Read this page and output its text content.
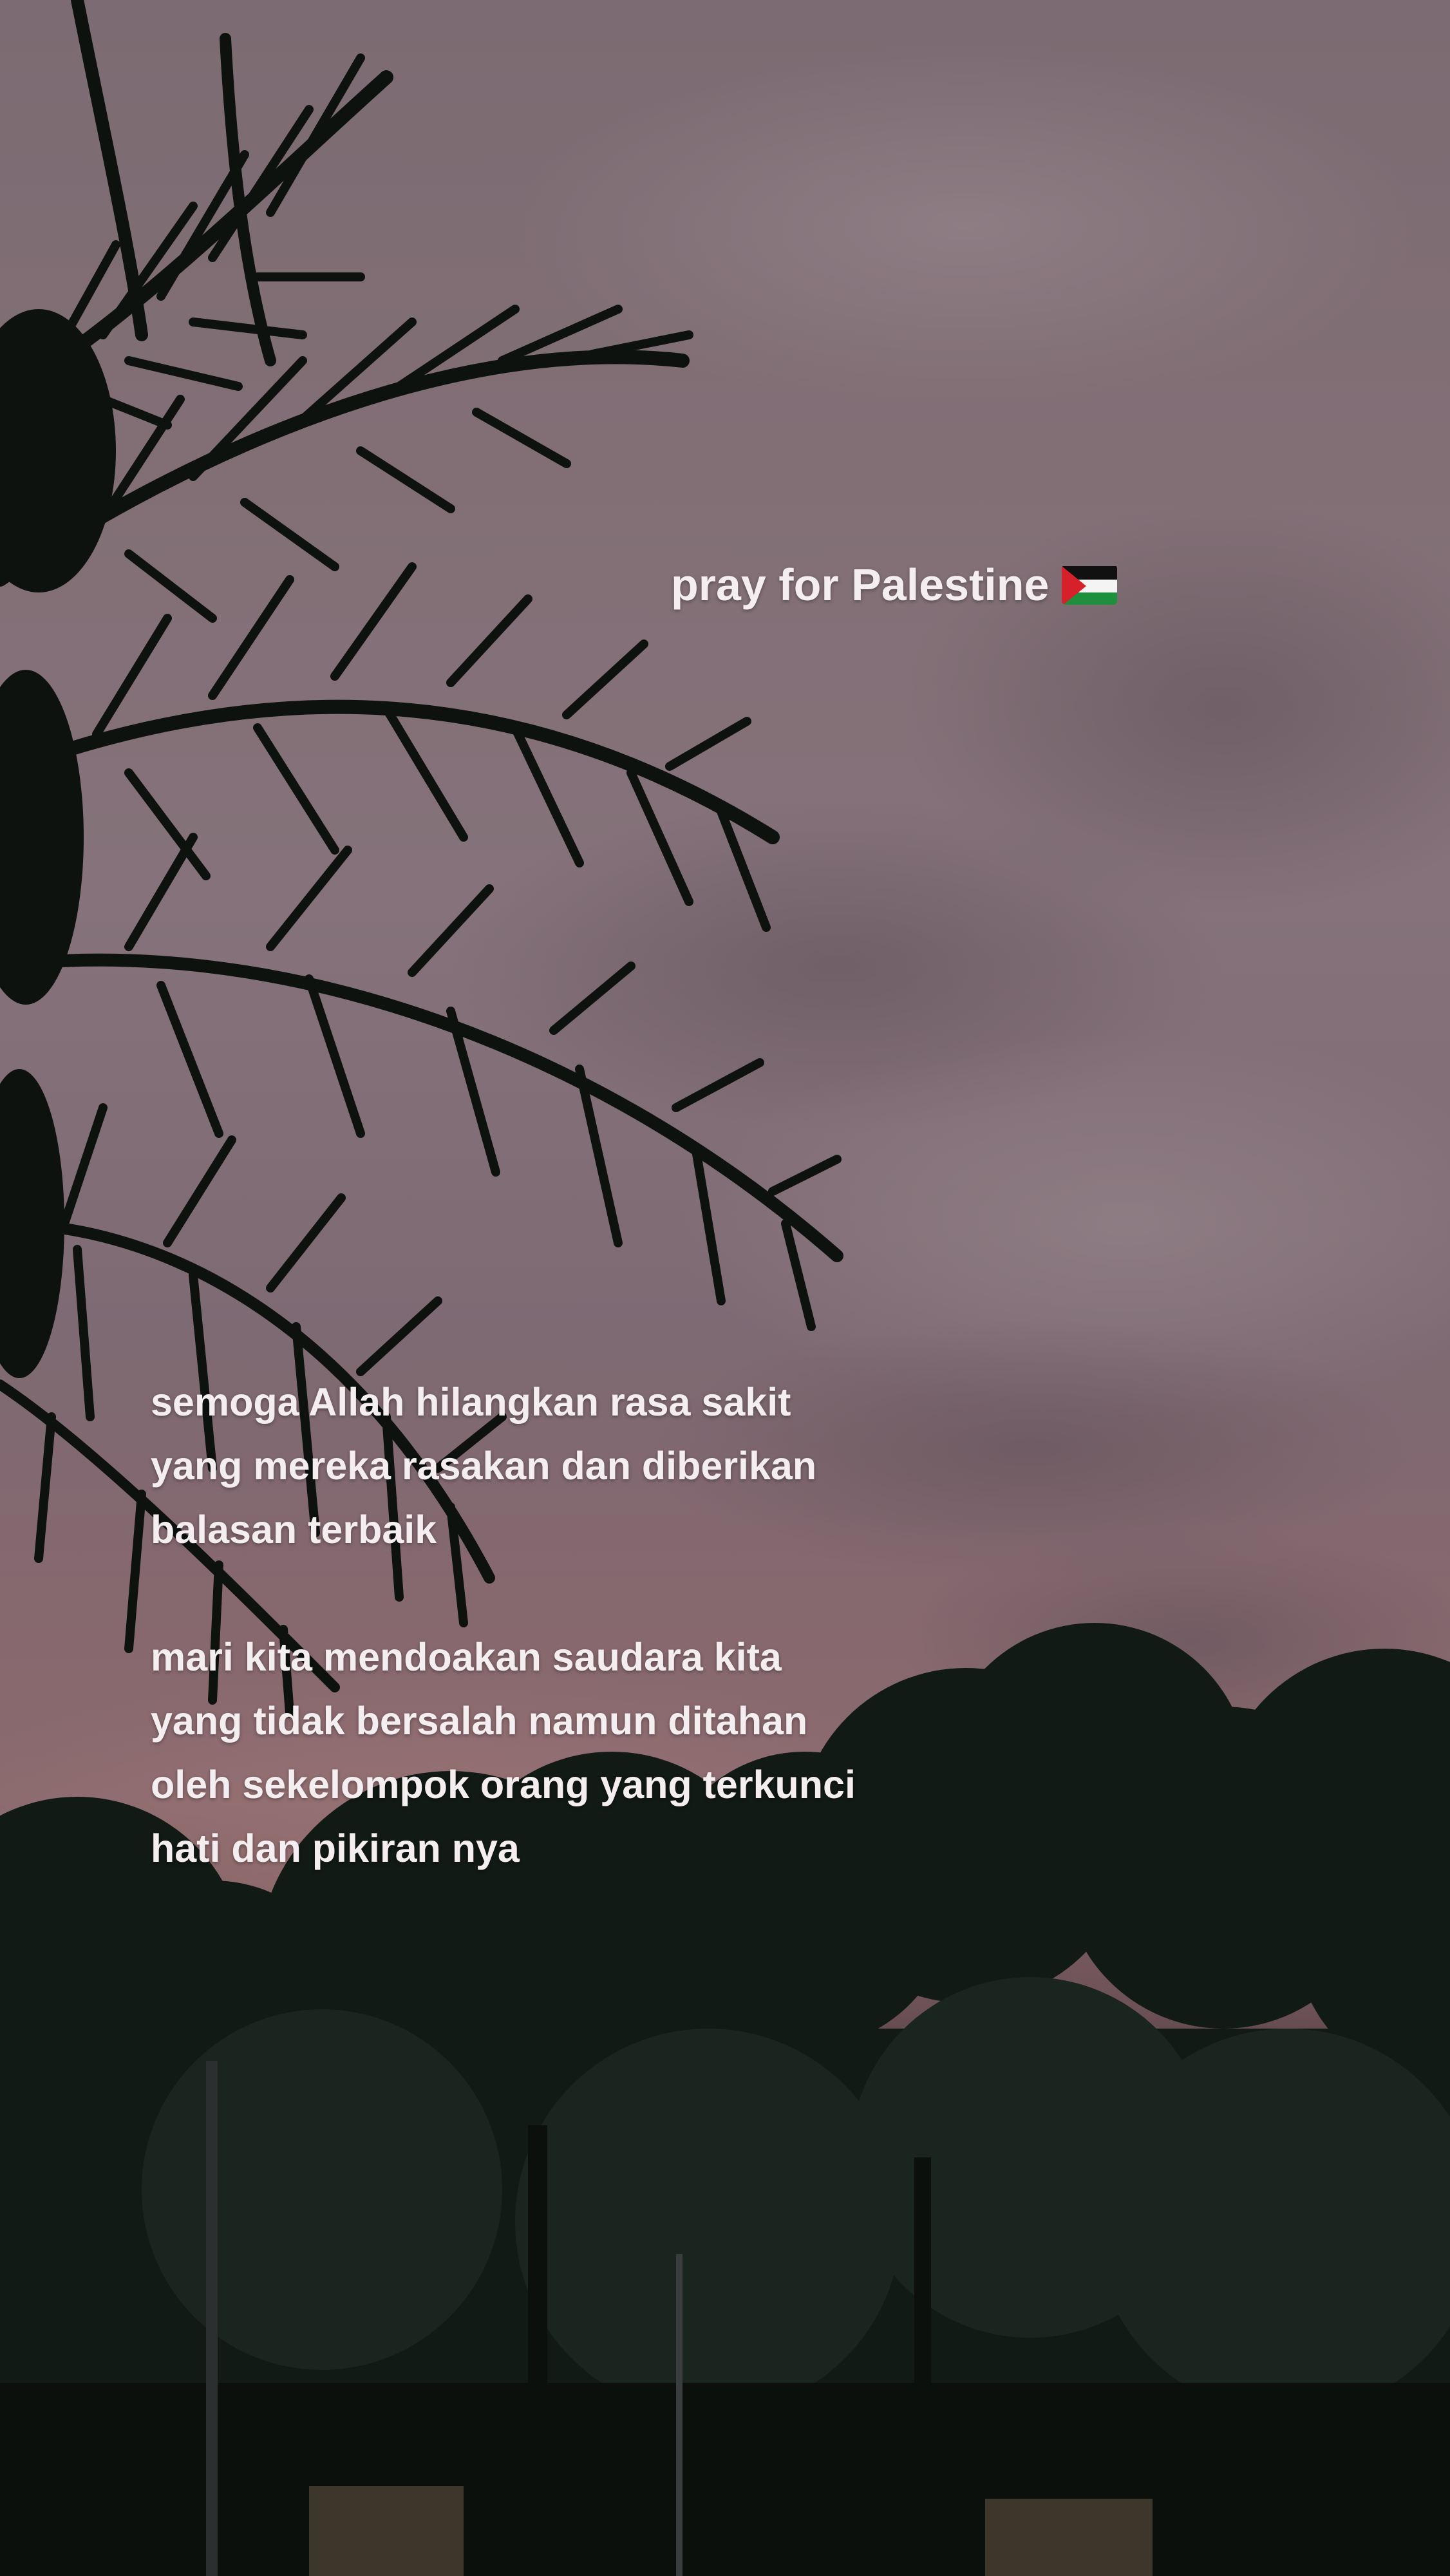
pray for Palestine
semoga Allah hilangkan rasa sakit
yang mereka rasakan dan diberikan
balasan terbaik
mari kita mendoakan saudara kita
yang tidak bersalah namun ditahan
oleh sekelompok orang yang terkunci
hati dan pikiran nya
